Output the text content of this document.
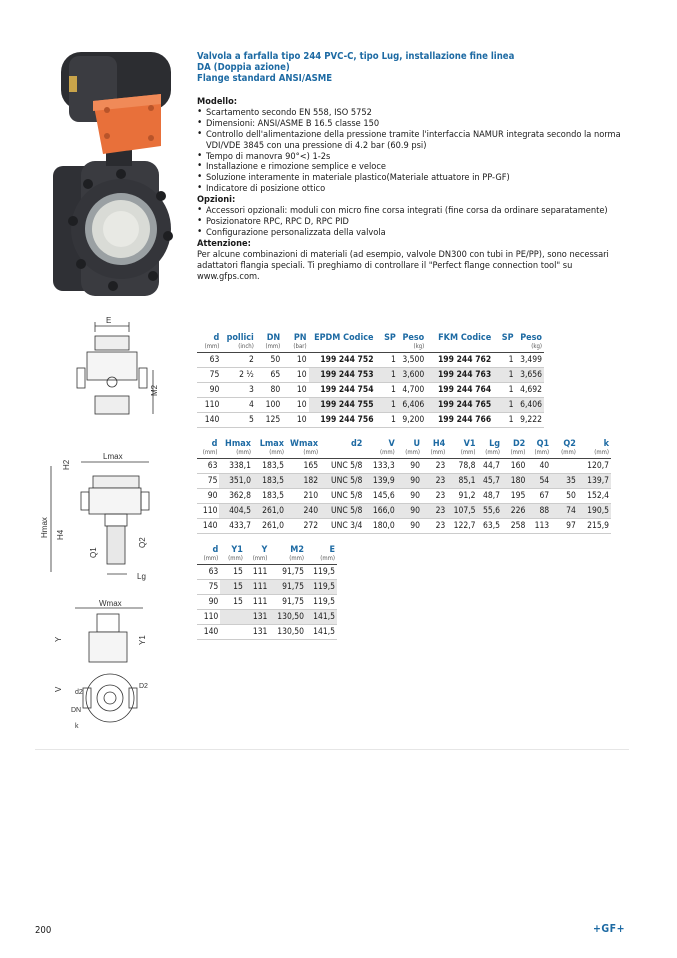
Valvola a farfalla tipo 244 PVC-C, tipo Lug, installazione fine linea
DA (Doppia azione)
Flange standard ANSI/ASME
Modello:
• Scartamento secondo EN 558, ISO 5752
• Dimensioni: ANSI/ASME B 16.5 classe 150
• Controllo dell'alimentazione della pressione tramite l'interfaccia NAMUR integrata secondo la norma VDI/VDE 3845 con una pressione di 4.2 bar (60.9 psi)
• Tempo di manovra 90°<) 1-2s
• Installazione e rimozione semplice e veloce
• Soluzione interamente in materiale plastico(Materiale attuatore in PP-GF)
• Indicatore di posizione ottico
Opzioni:
• Accessori opzionali: moduli con micro fine corsa integrati (fine corsa da ordinare separatamente)
• Posizionatore RPC, RPC D, RPC PID
• Configurazione personalizzata della valvola
Attenzione:

Per alcune combinazioni di materiali (ad esempio, valvole DN300 con tubi in PE/PP), sono necessari adattatori flangia speciali. Ti preghiamo di controllare il "Perfect flange connection tool" su www.gfps.com.

E
M2
H2
Lmax
Hmax H4
Q1
Q2
Lg
Wmax
Y	Y1
V	D2
d2
DN
k
d	pollici	DN	PN	EPDM Codice	SP	Peso	FKM Codice	SP	Peso
(mm)	(inch)	(mm)	(bar)			(kg)			(kg)
63	2	50	10	199 244 752	1	3,500	199 244 762	1	3,499
75	2 ½	65	10	199 244 753	1	3,600	199 244 763	1	3,656
90	3	80	10	199 244 754	1	4,700	199 244 764	1	4,692
110	4	100	10	199 244 755	1	6,406	199 244 765	1	6,406
140	5	125	10	199 244 756	1	9,200	199 244 766	1	9,222
d	Hmax	Lmax	Wmax	d2	V	U	H4	V1	Lg	D2	Q1	Q2	k
(mm)	(mm)	(mm)	(mm)		(mm)	(mm)	(mm)	(mm)	(mm)	(mm)	(mm)	(mm)	(mm)
63	338,1	183,5	165	UNC 5/8	133,3	90	23	78,8	44,7	160	40		120,7
75	351,0	183,5	182	UNC 5/8	139,9	90	23	85,1	45,7	180	54	35	139,7
90	362,8	183,5	210	UNC 5/8	145,6	90	23	91,2	48,7	195	67	50	152,4
110	404,5	261,0	240	UNC 5/8	166,0	90	23	107,5	55,6	226	88	74	190,5
140	433,7	261,0	272	UNC 3/4	180,0	90	23	122,7	63,5	258	113	97	215,9
d	Y1	Y	M2	E
(mm)	(mm)	(mm)	(mm)	(mm)
63	15	111	91,75	119,5
75	15	111	91,75	119,5
90	15	111	91,75	119,5
110		131	130,50	141,5
140		131	130,50	141,5
200	+GF+
